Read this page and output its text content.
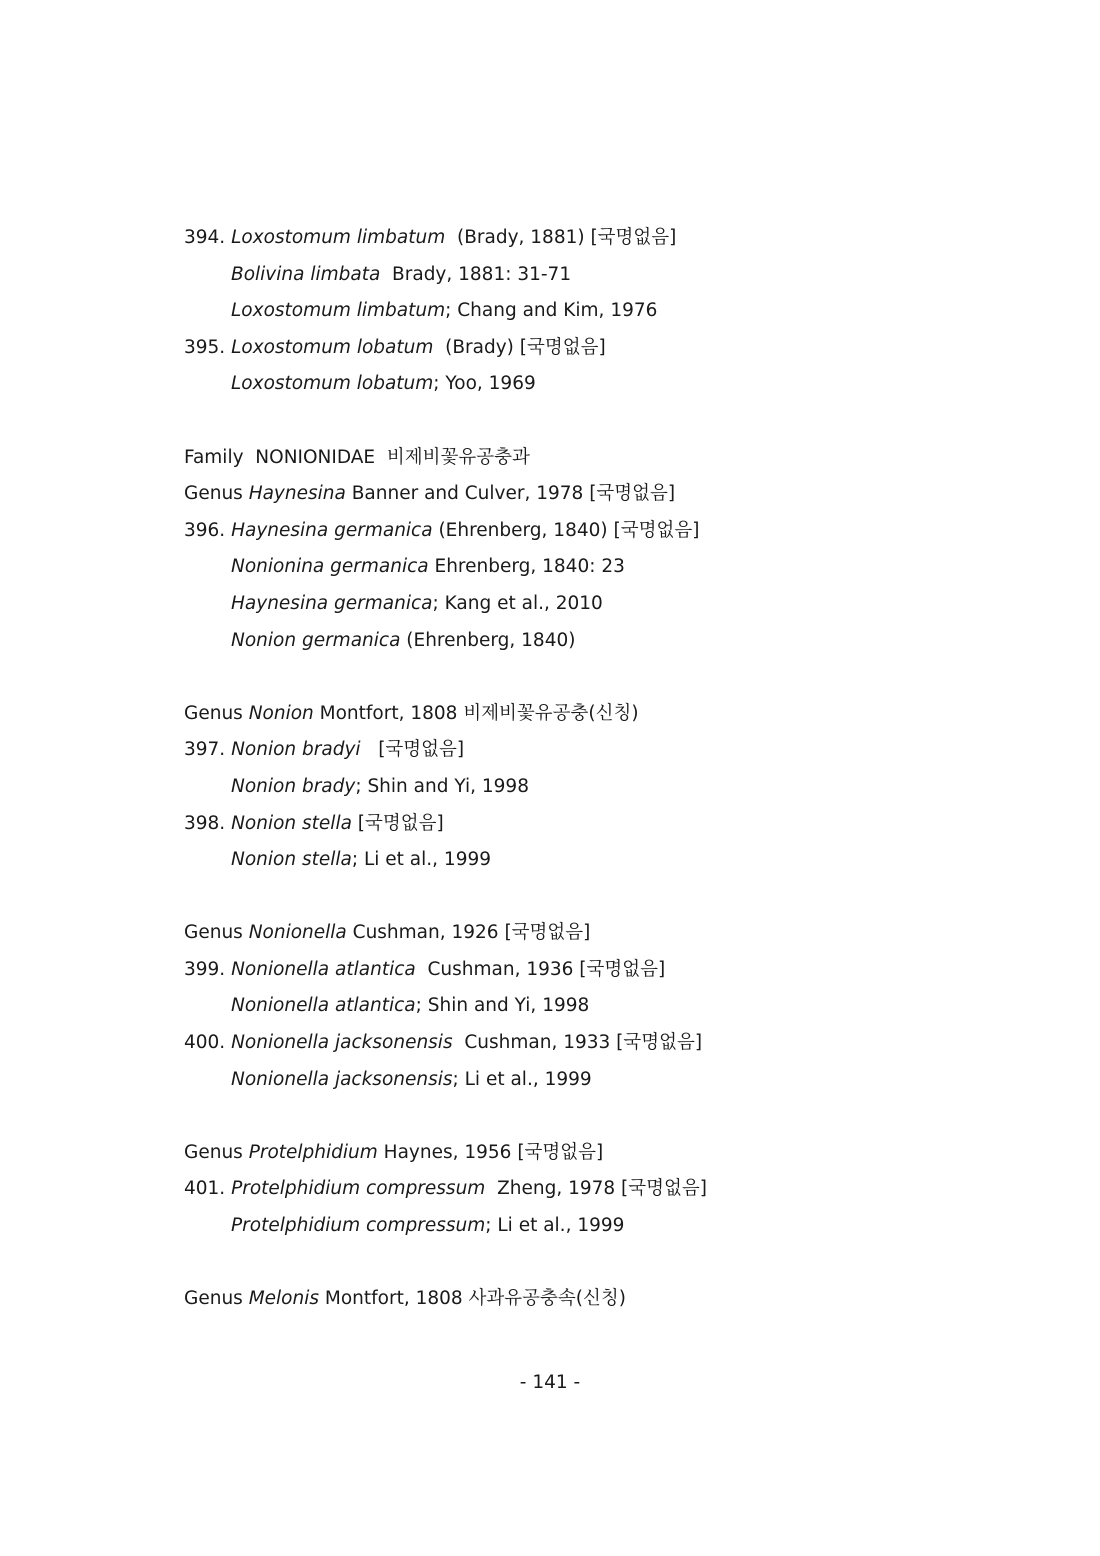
394. Loxostomum limbatum  (Brady, 1881) [국명없음]
Bolivina limbata  Brady, 1881: 31-71
Loxostomum limbatum; Chang and Kim, 1976
395. Loxostomum lobatum  (Brady) [국명없음]
Loxostomum lobatum; Yoo, 1969
Family  NONIONIDAE  비제비꽃유공충과
Genus Haynesina Banner and Culver, 1978 [국명없음]
396. Haynesina germanica (Ehrenberg, 1840) [국명없음]
Nonionina germanica Ehrenberg, 1840: 23
Haynesina germanica; Kang et al., 2010
Nonion germanica (Ehrenberg, 1840)
Genus Nonion Montfort, 1808 비제비꽃유공충(신칭)
397. Nonion bradyi   [국명없음]
Nonion brady; Shin and Yi, 1998
398. Nonion stella [국명없음]
Nonion stella; Li et al., 1999
Genus Nonionella Cushman, 1926 [국명없음]
399. Nonionella atlantica  Cushman, 1936 [국명없음]
Nonionella atlantica; Shin and Yi, 1998
400. Nonionella jacksonensis  Cushman, 1933 [국명없음]
Nonionella jacksonensis; Li et al., 1999
Genus Protelphidium Haynes, 1956 [국명없음]
401. Protelphidium compressum  Zheng, 1978 [국명없음]
Protelphidium compressum; Li et al., 1999
Genus Melonis Montfort, 1808 사과유공충속(신칭)
- 141 -
